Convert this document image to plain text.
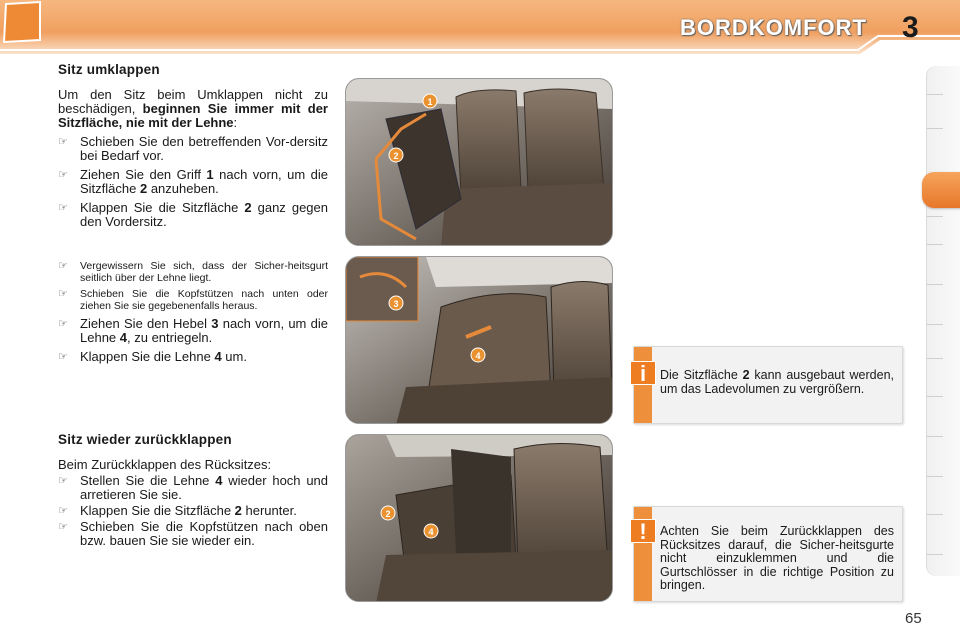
BORDKOMFORT 3
Sitz umklappen
Um den Sitz beim Umklappen nicht zu beschädigen, beginnen Sie immer mit der Sitzfläche, nie mit der Lehne:
☞ Schieben Sie den betreffenden Vor-dersitz bei Bedarf vor.
☞ Ziehen Sie den Griff 1 nach vorn, um die Sitzfläche 2 anzuheben.
☞ Klappen Sie die Sitzfläche 2 ganz gegen den Vordersitz.
☞ Vergewissern Sie sich, dass der Sicher-heitsgurt seitlich über der Lehne liegt.
☞ Schieben Sie die Kopfstützen nach unten oder ziehen Sie sie gegebenenfalls heraus.
☞ Ziehen Sie den Hebel 3 nach vorn, um die Lehne 4, zu entriegeln.
☞ Klappen Sie die Lehne 4 um.
Sitz wieder zurückklappen
Beim Zurückklappen des Rücksitzes:
☞ Stellen Sie die Lehne 4 wieder hoch und arretieren Sie sie.
☞ Klappen Sie die Sitzfläche 2 herunter.
☞ Schieben Sie die Kopfstützen nach oben bzw. bauen Sie sie wieder ein.
1
2
3
4
2
4
i	Die Sitzfläche 2 kann ausgebaut werden, um das Ladevolumen zu vergrößern.
!	Achten Sie beim Zurückklappen des Rücksitzes darauf, die Sicher-heitsgurte nicht einzuklemmen und die Gurtschlösser in die richtige Position zu bringen.
65
